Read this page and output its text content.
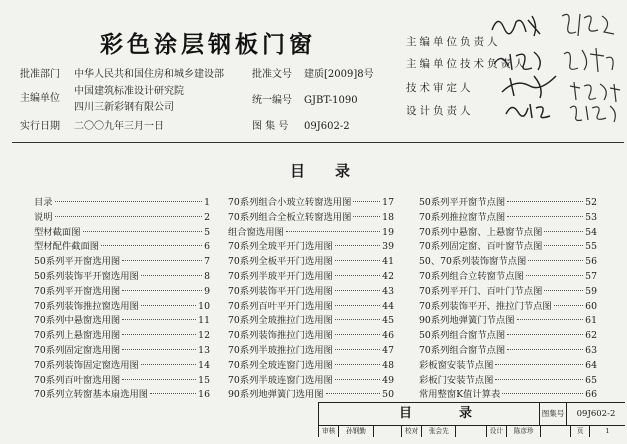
彩色涂层钢板门窗
批准部门 中华人民共和国住房和城乡建设部
主编单位
中国建筑标准设计研究院
四川三新彩钢有限公司
实行日期 二〇〇九年三月一日
批准文号 建质[2009]8号
统一编号 GJBT-1090
图 集 号 09J602-2
主编单位负责人
主编单位技术负责人
技术审定人
设计负责人
目　　录
目录	1
说明	2
型材截面图	5
型材配件截面图	6
50系列平开窗选用图	7
50系列装饰平开窗选用图	8
70系列平开窗选用图	9
70系列装饰推拉窗选用图	10
70系列中悬窗选用图	11
70系列上悬窗选用图	12
70系列固定窗选用图	13
70系列装饰固定窗选用图	14
70系列百叶窗选用图	15
70系列立转窗基本扇选用图	16
70系列组合小玻立转窗选用图	17
70系列组合全板立转窗选用图	18
组合窗选用图	19
70系列全玻平开门选用图	39
70系列全板平开门选用图	41
70系列半玻平开门选用图	42
70系列装饰平开门选用图	43
70系列百叶平开门选用图	44
70系列全玻推拉门选用图	45
70系列装饰推拉门选用图	46
70系列半玻推拉门选用图	47
70系列全玻连窗门选用图	48
70系列半玻连窗门选用图	49
90系列地弹簧门选用图	50
50系列平开窗节点图	52
70系列推拉窗节点图	53
70系列中悬窗、上悬窗节点图	54
70系列固定窗、百叶窗节点图	55
50、70系列装饰窗节点图	56
70系列组合立转窗节点图	57
70系列平开门、百叶门节点图	59
70系列装饰平开、推拉门节点图	60
90系列地弹簧门节点图	61
50系列组合窗节点图	62
70系列组合窗节点图	63
彩板窗安装节点图	64
彩板门安装节点图	65
常用整窗K值计算表	66
目	录	图集号	09J602-2
审核	孙钢勤	校对	张会先	设计	陈彦珍	页	1
